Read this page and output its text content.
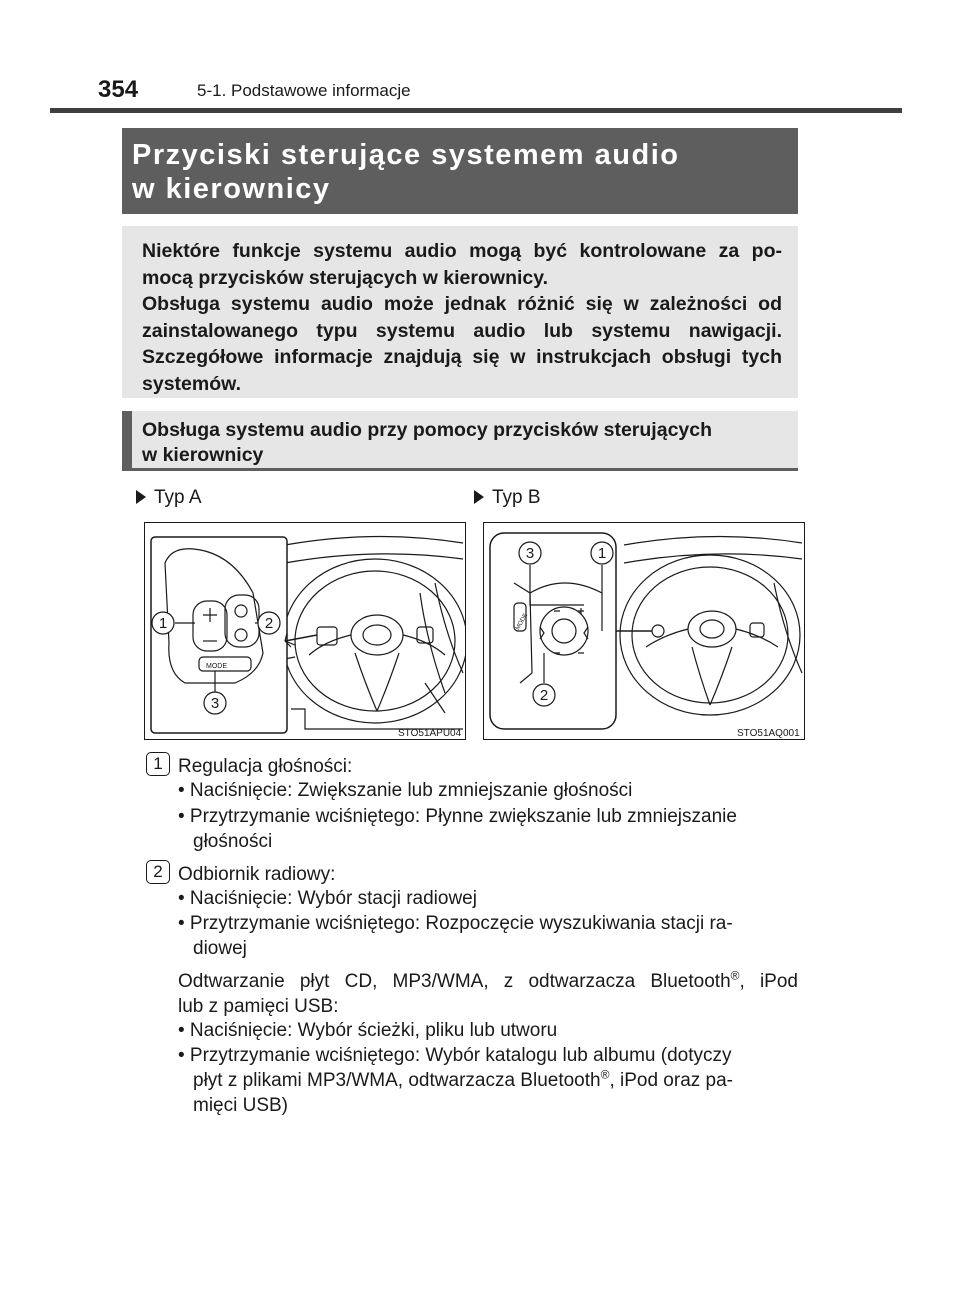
354	5-1. Podstawowe informacje
Przyciski sterujące systemem audio
w kierownicy
Niektóre funkcje systemu audio mogą być kontrolowane za po-
mocą przycisków sterujących w kierownicy.
Obsługa systemu audio może jednak różnić się w zależności od
zainstalowanego typu systemu audio lub systemu nawigacji.
Szczegółowe informacje znajdują się w instrukcjach obsługi tych
systemów.
Obsługa systemu audio przy pomocy przycisków sterujących
w kierownicy
Typ A	Typ B
MODE
1	2
3
STO51APU04
MODE
3	1
2
STO51AQ001
1 Regulacja głośności:
• Naciśnięcie: Zwiększanie lub zmniejszanie głośności
• Przytrzymanie wciśniętego: Płynne zwiększanie lub zmniejszanie
głośności
2 Odbiornik radiowy:
• Naciśnięcie: Wybór stacji radiowej
• Przytrzymanie wciśniętego: Rozpoczęcie wyszukiwania stacji ra-
diowej
Odtwarzanie płyt CD, MP3/WMA, z odtwarzacza Bluetooth®, iPod
lub z pamięci USB:
• Naciśnięcie: Wybór ścieżki, pliku lub utworu
• Przytrzymanie wciśniętego: Wybór katalogu lub albumu (dotyczy
płyt z plikami MP3/WMA, odtwarzacza Bluetooth®, iPod oraz pa-
mięci USB)
